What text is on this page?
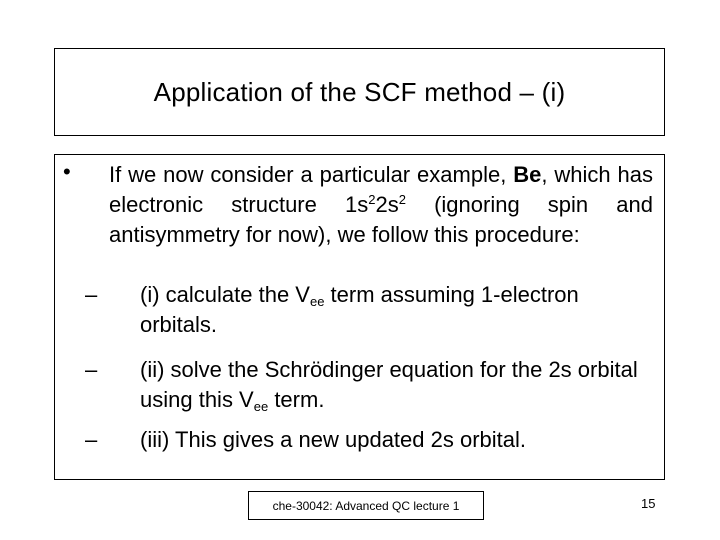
Application of the SCF method – (i)
• If we now consider a particular example, Be, which has electronic structure $1s^22s^2$ (ignoring spin and antisymmetry for now), we follow this procedure:
– (i) calculate the $V_{ee}$ term assuming 1-electron orbitals.
– (ii) solve the Schrödinger equation for the 2s orbital using this $V_{ee}$ term.
– (iii) This gives a new updated 2s orbital.
che-30042: Advanced QC lecture 1	15
